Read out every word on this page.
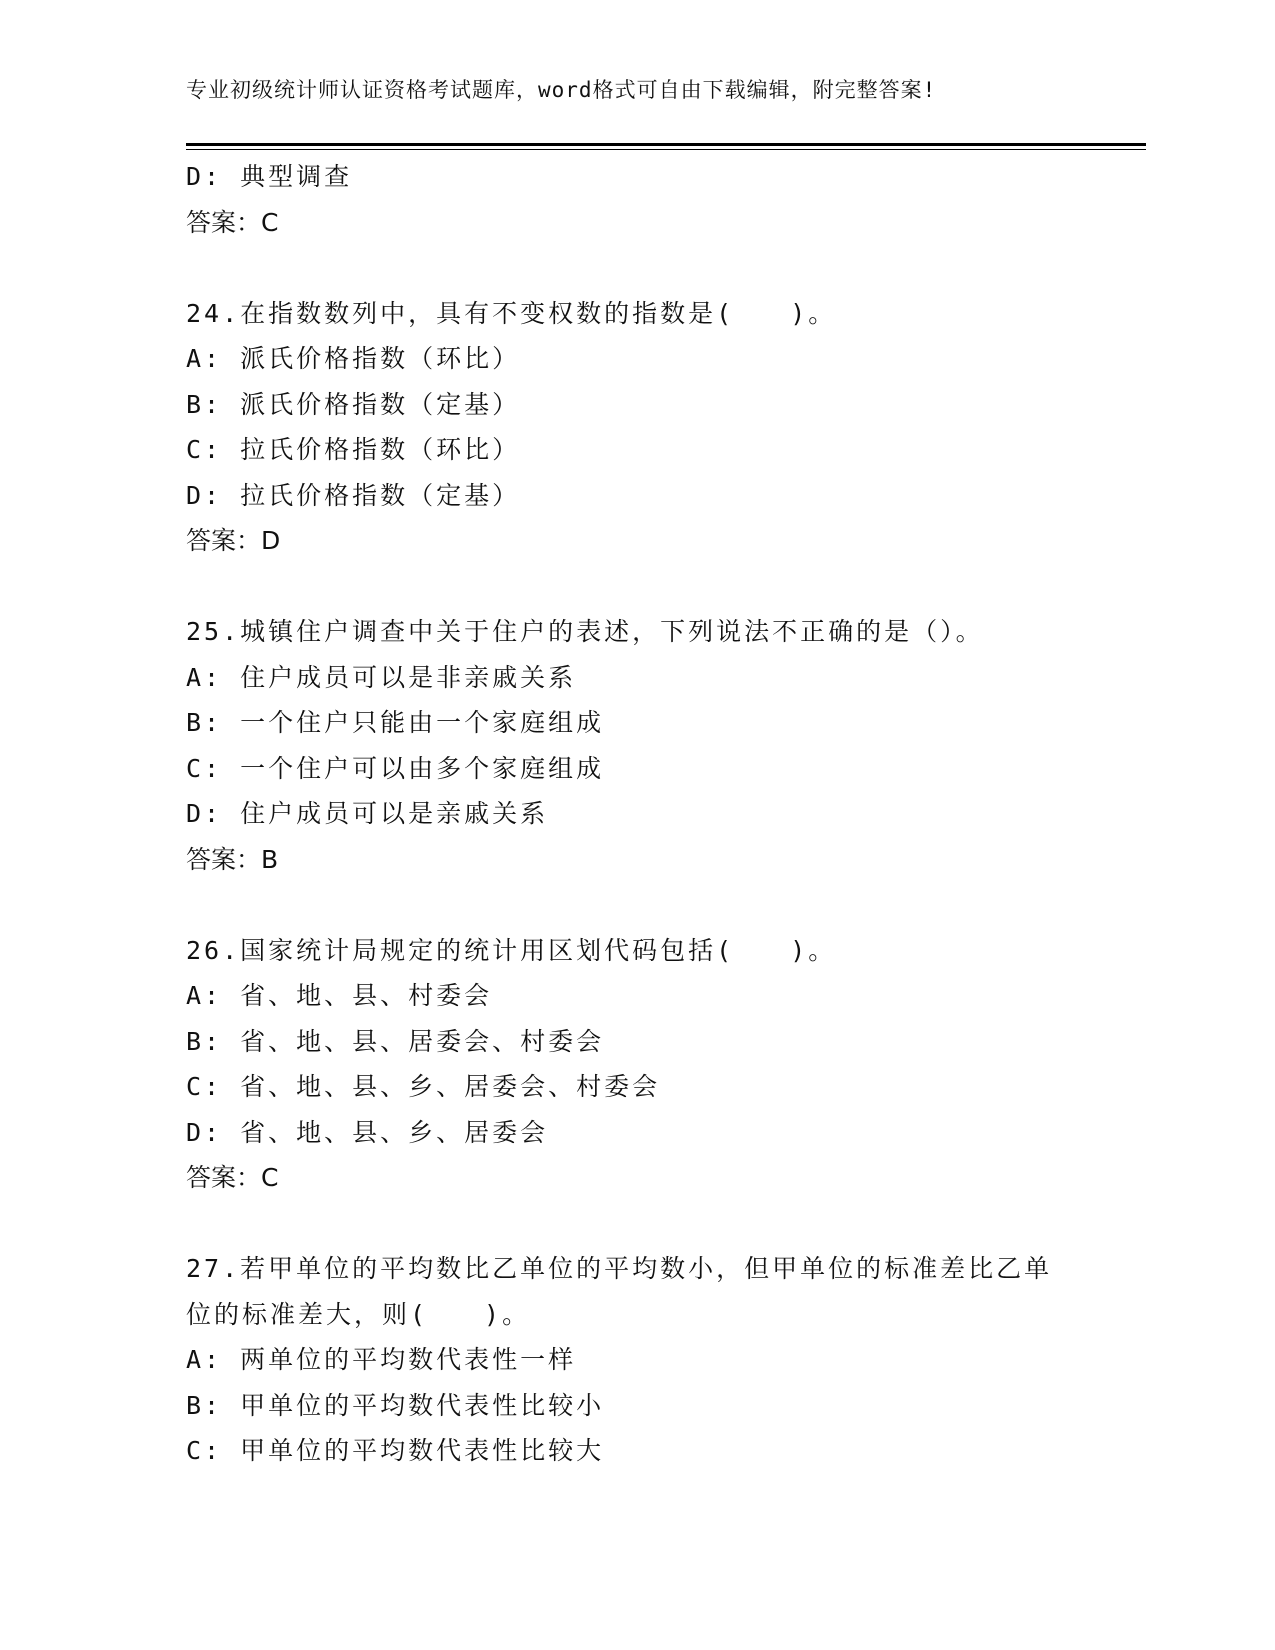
专业初级统计师认证资格考试题库，word格式可自由下载编辑，附完整答案!
D: 典型调查
答案：C
24.在指数数列中，具有不变权数的指数是(　　)。
A: 派氏价格指数（环比）
B: 派氏价格指数（定基）
C: 拉氏价格指数（环比）
D: 拉氏价格指数（定基）
答案：D
25.城镇住户调查中关于住户的表述，下列说法不正确的是（）。
A: 住户成员可以是非亲戚关系
B: 一个住户只能由一个家庭组成
C: 一个住户可以由多个家庭组成
D: 住户成员可以是亲戚关系
答案：B
26.国家统计局规定的统计用区划代码包括(　　)。
A: 省、地、县、村委会
B: 省、地、县、居委会、村委会
C: 省、地、县、乡、居委会、村委会
D: 省、地、县、乡、居委会
答案：C
27.若甲单位的平均数比乙单位的平均数小，但甲单位的标准差比乙单
位的标准差大，则(　　)。
A: 两单位的平均数代表性一样
B: 甲单位的平均数代表性比较小
C: 甲单位的平均数代表性比较大
